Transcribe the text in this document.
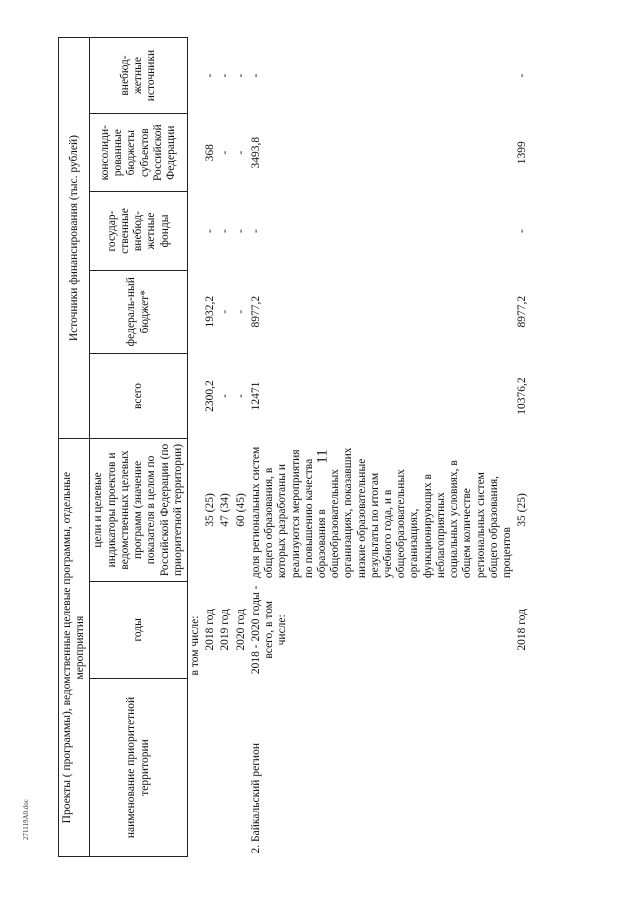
11
271119A0.doc	Проекты ( программы), ведомственные целевые программы, отдельные мероприятия			Источники финансирования (тыс. рублей)				
наименование приоритетной территории	годы	цели и целевые индикаторы проектов и ведомственных целевых программ (значение показателя в целом по Российской Федерации (по приоритетной территории)	всего	федераль-ный бюджет*	государ-ственные внебюд-жетные фонды	консолиди-рованные бюджеты субъектов Российской Федерации	внебюд-жетные источники
	в том числе:						
	2018 год	35 (25)	2300,2	1932,2	-	368	-
	2019 год	47 (34)	-	-	-	-	-
	2020 год	60 (45)	-	-	-	-	-
2. Байкальский регион	2018 - 2020 годы - всего, в том числе:	доля региональных систем общего образования, в которых разработаны и реализуются мероприятия по повышению качества образования в общеобразовательных организациях, показавших низкие образовательные результаты по итогам учебного года, и в общеобразовательных организациях, функционирующих в неблагоприятных социальных условиях, в общем количестве региональных систем общего образования, процентов	12471	8977,2	-	3493,8	-
	2018 год	35 (25)	10376,2	8977,2	-	1399	-
